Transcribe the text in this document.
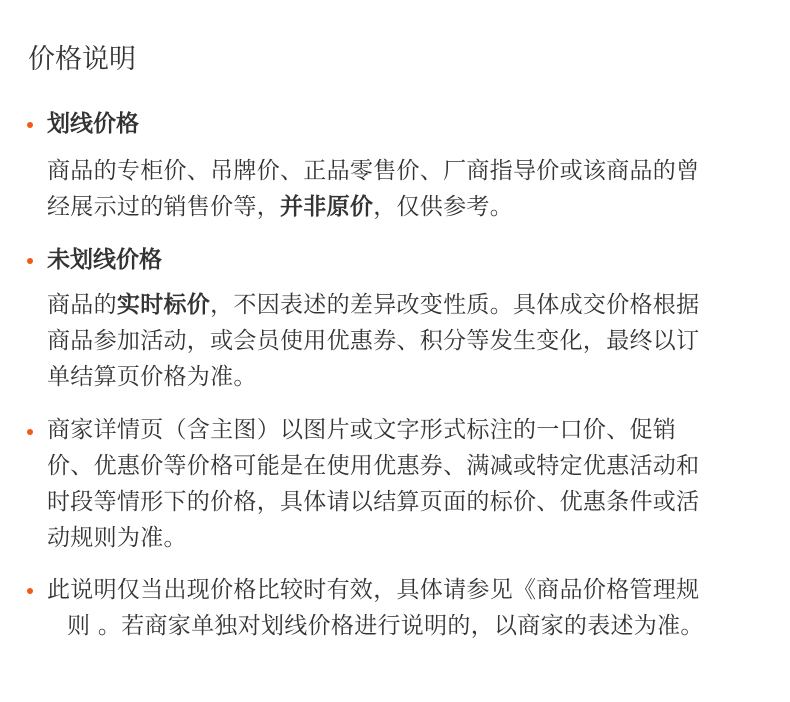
价格说明
划线价格
商品的专柜价、吊牌价、正品零售价、厂商指导价或该商品的曾
经展示过的销售价等，并非原价，仅供参考。
未划线价格
商品的实时标价，不因表述的差异改变性质。具体成交价格根据
商品参加活动，或会员使用优惠券、积分等发生变化，最终以订
单结算页价格为准。
商家详情页（含主图）以图片或文字形式标注的一口价、促销
价、优惠价等价格可能是在使用优惠券、满减或特定优惠活动和
时段等情形下的价格，具体请以结算页面的标价、优惠条件或活
动规则为准。
此说明仅当出现价格比较时有效，具体请参见《商品价格管理规
则 。若商家单独对划线价格进行说明的，以商家的表述为准。
